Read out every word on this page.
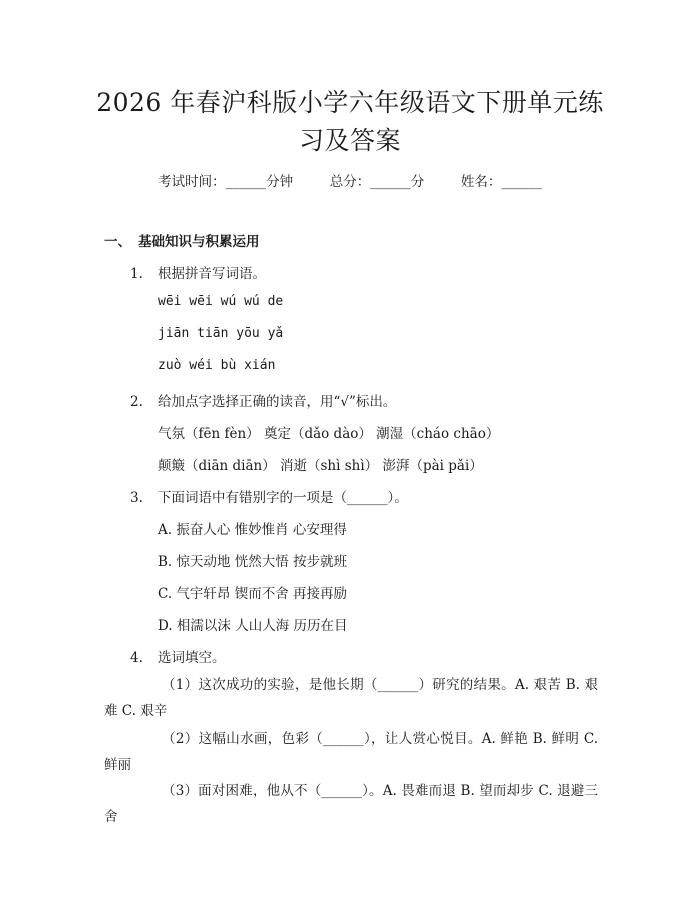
2026 年春沪科版小学六年级语文下册单元练
习及答案
考试时间：______分钟	总分：______分	姓名：______
一、 基础知识与积累运用
1. 根据拼音写词语。
wēi wēi wú wú de
jiān tiān yōu yǎ
zuò wéi bù xián
2. 给加点字选择正确的读音，用“√”标出。
气氛（fēn fèn） 奠定（dǎo dào） 潮湿（cháo chāo）
颠簸（diān diān） 消逝（shì shì） 澎湃（pài pǎi）
3. 下面词语中有错别字的一项是（______）。
A. 振奋人心 惟妙惟肖 心安理得
B. 惊天动地 恍然大悟 按步就班
C. 气宇轩昂 锲而不舍 再接再励
D. 相濡以沫 人山人海 历历在目
4. 选词填空。
（1）这次成功的实验，是他长期（______）研究的结果。A. 艰苦 B. 艰难 C. 艰辛
（2）这幅山水画，色彩（______），让人赏心悦目。A. 鲜艳 B. 鲜明 C. 鲜丽
（3）面对困难，他从不（______）。A. 畏难而退 B. 望而却步 C. 退避三舍
